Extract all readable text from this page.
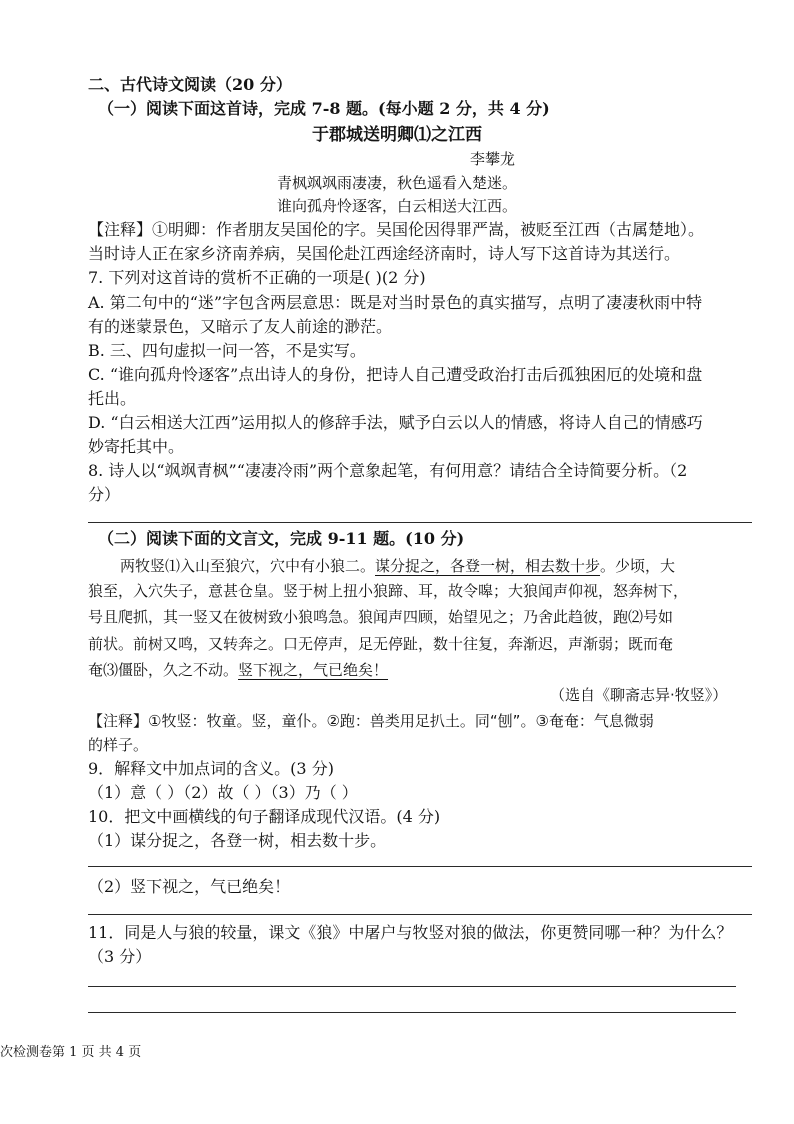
二、古代诗文阅读（20 分）
（一）阅读下面这首诗，完成 7-8 题。(每小题 2 分，共 4 分)
于郡城送明卿⑴之江西
李攀龙
青枫飒飒雨凄凄，秋色遥看入楚迷。
谁向孤舟怜逐客，白云相送大江西。
【注释】①明卿：作者朋友吴国伦的字。吴国伦因得罪严嵩，被贬至江西（古属楚地）。
当时诗人正在家乡济南养病，吴国伦赴江西途经济南时，诗人写下这首诗为其送行。
7. 下列对这首诗的赏析不正确的一项是( )(2 分)
A. 第二句中的“迷”字包含两层意思：既是对当时景色的真实描写，点明了凄凄秋雨中特
有的迷蒙景色，又暗示了友人前途的渺茫。
B. 三、四句虚拟一问一答，不是实写。
C. “谁向孤舟怜逐客”点出诗人的身份，把诗人自己遭受政治打击后孤独困厄的处境和盘
托出。
D. “白云相送大江西”运用拟人的修辞手法，赋予白云以人的情感，将诗人自己的情感巧
妙寄托其中。
8. 诗人以“飒飒青枫”“凄凄冷雨”两个意象起笔，有何用意？请结合全诗简要分析。（2
分）
（二）阅读下面的文言文，完成 9-11 题。(10 分)
两牧竖⑴入山至狼穴，穴中有小狼二。谋分捉之，各登一树，相去数十步。少顷，大
狼至，入穴失子，意甚仓皇。竖于树上扭小狼蹄、耳，故令嗥；大狼闻声仰视，怒奔树下，
号且爬抓，其一竖又在彼树致小狼鸣急。狼闻声四顾，始望见之；乃舍此趋彼，跑⑵号如
前状。前树又鸣，又转奔之。口无停声，足无停趾，数十往复，奔渐迟，声渐弱；既而奄
奄⑶僵卧，久之不动。竖下视之，气已绝矣！
（选自《聊斋志异·牧竖》）
【注释】①牧竖：牧童。竖，童仆。②跑：兽类用足扒土。同“刨”。③奄奄：气息微弱
的样子。
9．解释文中加点词的含义。(3 分)
（1）意（ ）（2）故（ ）（3）乃（ ）
10．把文中画横线的句子翻译成现代汉语。(4 分)
（1）谋分捉之，各登一树，相去数十步。
（2）竖下视之，气已绝矣！
11．同是人与狼的较量，课文《狼》中屠户与牧竖对狼的做法，你更赞同哪一种？为什么？
（3 分）
次检测卷第 1 页 共 4 页
